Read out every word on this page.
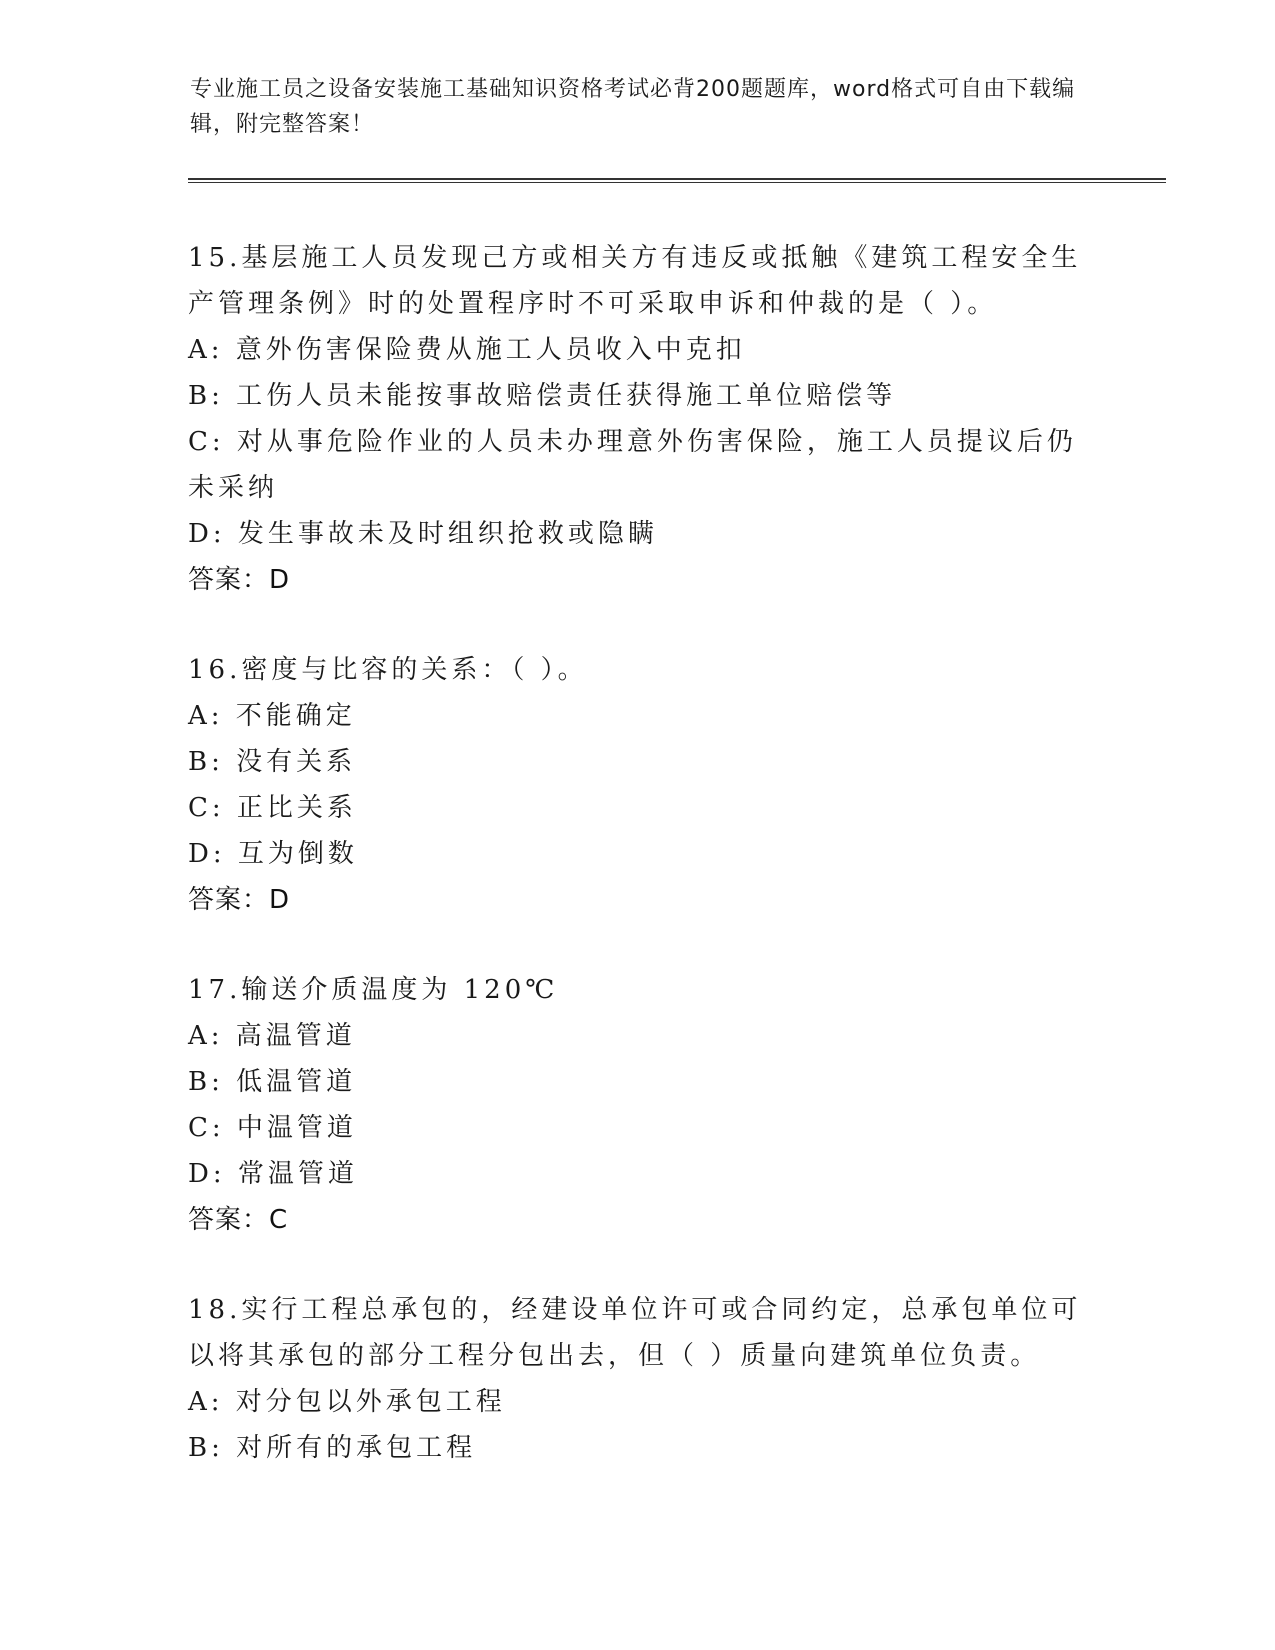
专业施工员之设备安装施工基础知识资格考试必背200题题库，word格式可自由下载编辑，附完整答案！
15.基层施工人员发现己方或相关方有违反或抵触《建筑工程安全生产管理条例》时的处置程序时不可采取申诉和仲裁的是（ ）。
A: 意外伤害保险费从施工人员收入中克扣
B: 工伤人员未能按事故赔偿责任获得施工单位赔偿等
C: 对从事危险作业的人员未办理意外伤害保险，施工人员提议后仍未采纳
D: 发生事故未及时组织抢救或隐瞒
答案：D
16.密度与比容的关系：（ ）。
A: 不能确定
B: 没有关系
C: 正比关系
D: 互为倒数
答案：D
17.输送介质温度为 120℃
A: 高温管道
B: 低温管道
C: 中温管道
D: 常温管道
答案：C
18.实行工程总承包的，经建设单位许可或合同约定，总承包单位可以将其承包的部分工程分包出去，但（ ）质量向建筑单位负责。
A: 对分包以外承包工程
B: 对所有的承包工程
